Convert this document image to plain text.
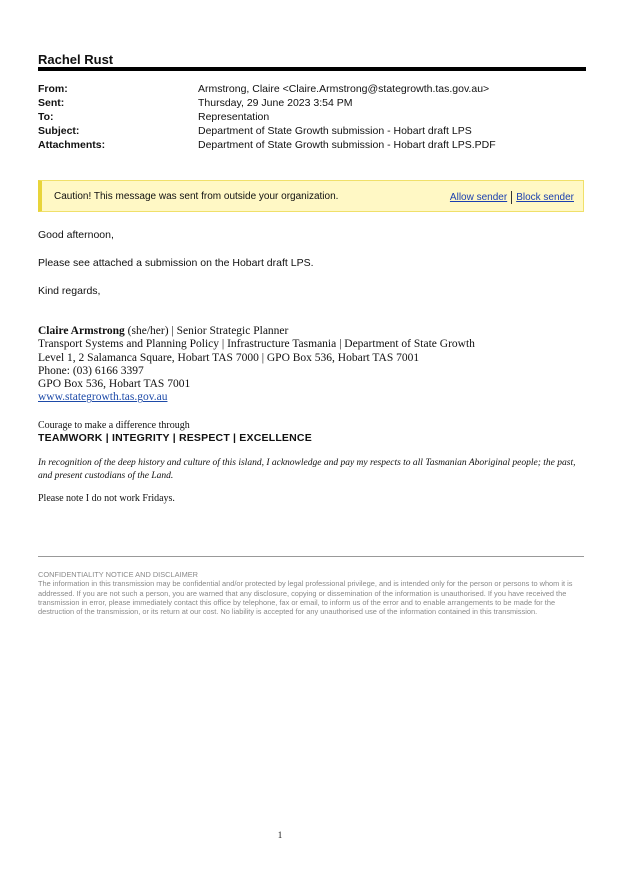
Rachel Rust
From:	Armstrong, Claire <Claire.Armstrong@stategrowth.tas.gov.au>
Sent:	Thursday, 29 June 2023 3:54 PM
To:	Representation
Subject:	Department of State Growth submission - Hobart draft LPS
Attachments:	Department of State Growth submission - Hobart draft LPS.PDF
Caution! This message was sent from outside your organization.	Allow sender Block sender
Good afternoon,
Please see attached a submission on the Hobart draft LPS.
Kind regards,
Claire Armstrong (she/her) | Senior Strategic Planner
Transport Systems and Planning Policy | Infrastructure Tasmania | Department of State Growth
Level 1, 2 Salamanca Square, Hobart TAS 7000 | GPO Box 536, Hobart TAS 7001
Phone: (03) 6166 3397
GPO Box 536, Hobart TAS 7001
www.stategrowth.tas.gov.au
Courage to make a difference through
TEAMWORK | INTEGRITY | RESPECT | EXCELLENCE
In recognition of the deep history and culture of this island, I acknowledge and pay my respects to all Tasmanian Aboriginal people; the past, and present custodians of the Land.
Please note I do not work Fridays.
CONFIDENTIALITY NOTICE AND DISCLAIMER
The information in this transmission may be confidential and/or protected by legal professional privilege, and is intended only for the person or persons to whom it is addressed. If you are not such a person, you are warned that any disclosure, copying or dissemination of the information is unauthorised. If you have received the transmission in error, please immediately contact this office by telephone, fax or email, to inform us of the error and to enable arrangements to be made for the destruction of the transmission, or its return at our cost. No liability is accepted for any unauthorised use of the information contained in this transmission.
1
